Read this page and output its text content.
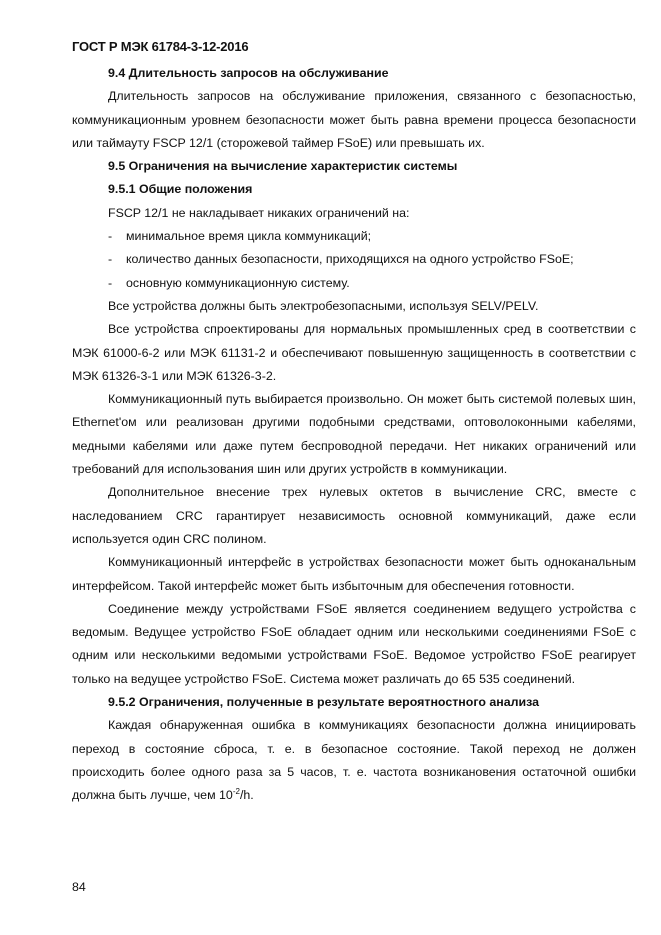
ГОСТ Р МЭК 61784-3-12-2016
9.4 Длительность запросов на обслуживание

Длительность запросов на обслуживание приложения, связанного с безопасностью, коммуникационным уровнем безопасности может быть равна времени процесса безопасности или таймауту FSCP 12/1 (сторожевой таймер FSoE) или превышать их.

9.5 Ограничения на вычисление характеристик системы
9.5.1 Общие положения

FSCP 12/1 не накладывает никаких ограничений на:

- минимальное время цикла коммуникаций;
- количество данных безопасности, приходящихся на одного устройство FSoE;
- основную коммуникационную систему.

Все устройства должны быть электробезопасными, используя SELV/PELV.

Все устройства спроектированы для нормальных промышленных сред в соответствии с МЭК 61000-6-2 или МЭК 61131-2 и обеспечивают повышенную защищенность в соответствии с МЭК 61326-3-1 или МЭК 61326-3-2.

Коммуникационный путь выбирается произвольно. Он может быть системой полевых шин, Ethernet'ом или реализован другими подобными средствами, оптоволоконными кабелями, медными кабелями или даже путем беспроводной передачи. Нет никаких ограничений или требований для использования шин или других устройств в коммуникации.

Дополнительное внесение трех нулевых октетов в вычисление CRC, вместе с наследованием CRC гарантирует независимость основной коммуникаций, даже если используется один CRC полином.

Коммуникационный интерфейс в устройствах безопасности может быть одноканальным интерфейсом. Такой интерфейс может быть избыточным для обеспечения готовности.

Соединение между устройствами FSoE является соединением ведущего устройства с ведомым. Ведущее устройство FSoE обладает одним или несколькими соединениями FSoE с одним или несколькими ведомыми устройствами FSoE. Ведомое устройство FSoE реагирует только на ведущее устройство FSoE. Система может различать до 65 535 соединений.

9.5.2 Ограничения, полученные в результате вероятностного анализа

Каждая обнаруженная ошибка в коммуникациях безопасности должна инициировать переход в состояние сброса, т. е. в безопасное состояние. Такой переход не должен происходить более одного раза за 5 часов, т. е. частота возникановения остаточной ошибки должна быть лучше, чем $10^{-2}/h$.

84
